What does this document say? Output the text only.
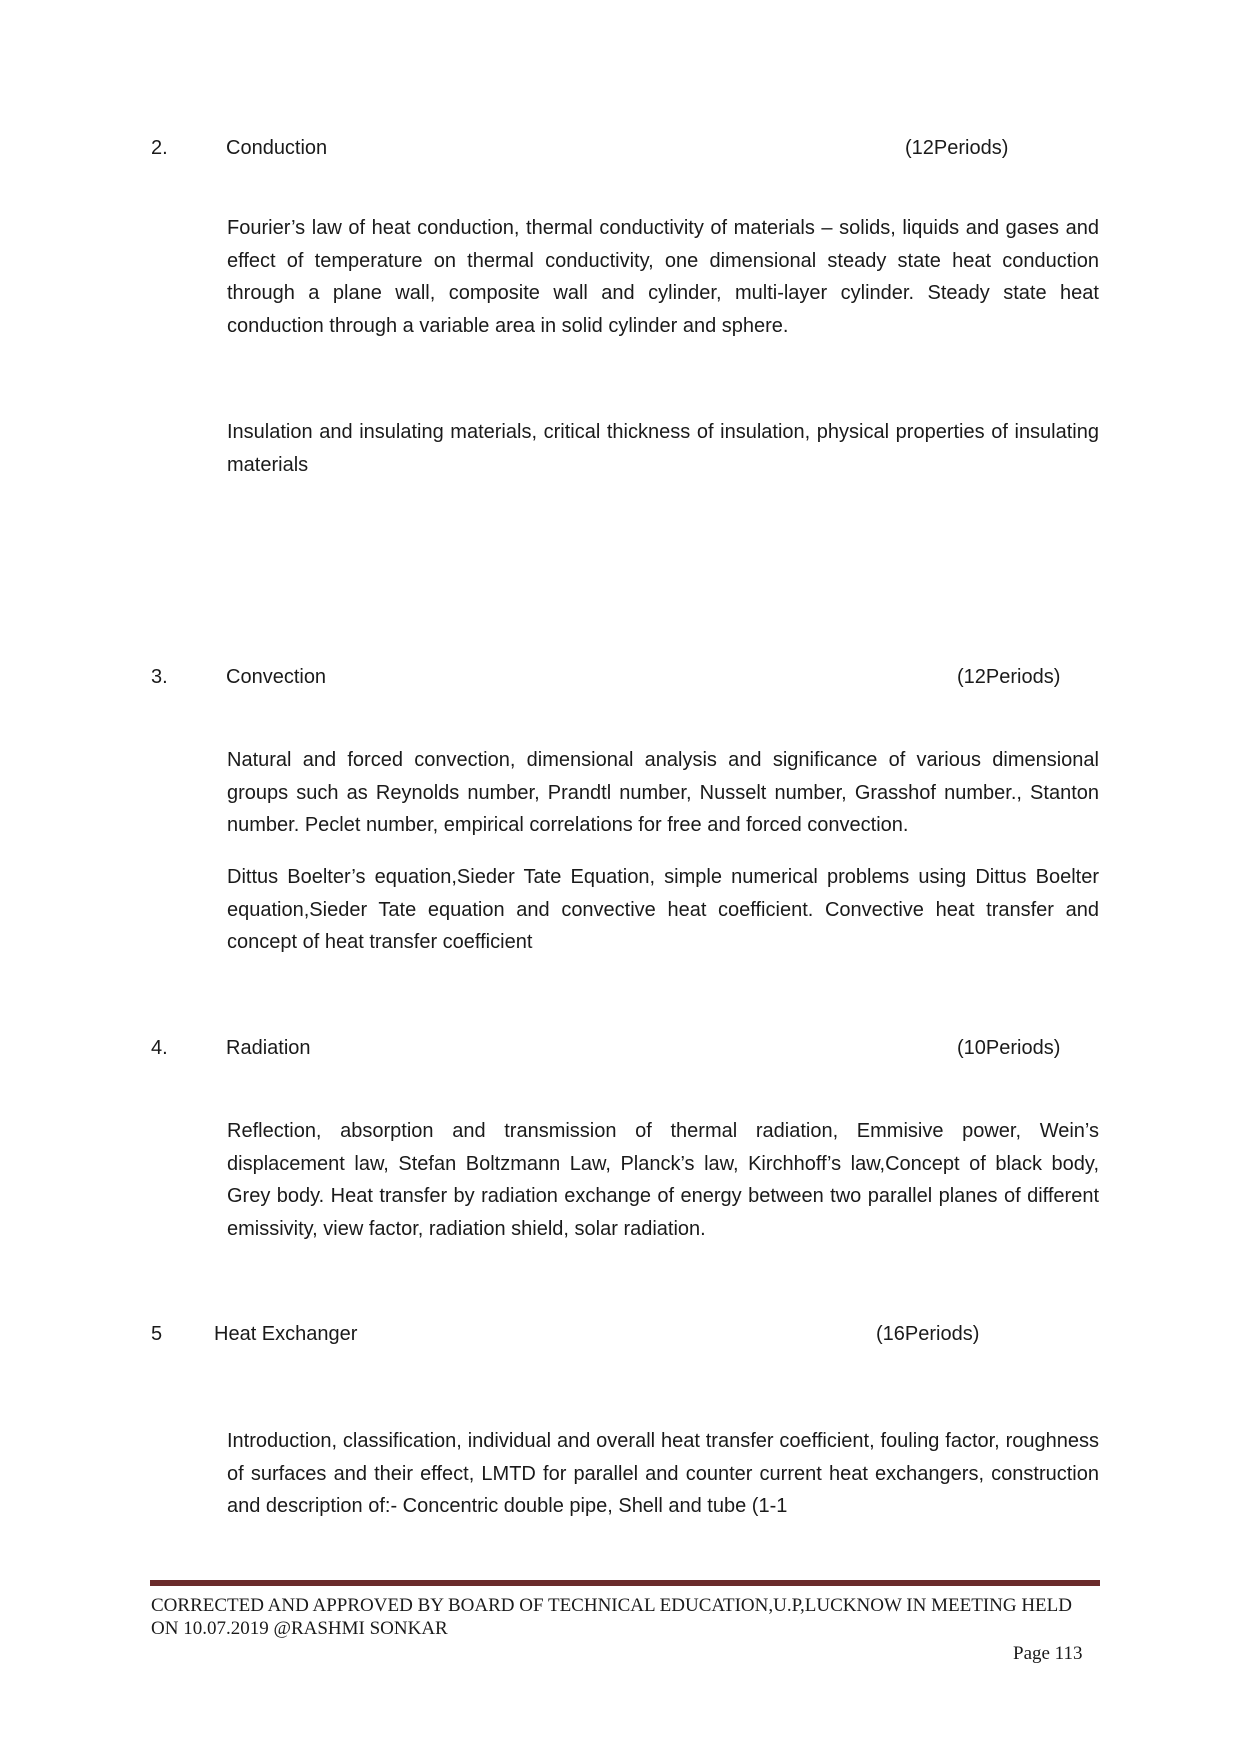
2.	Conduction	(12Periods)

Fourier’s law of heat conduction, thermal conductivity of materials – solids, liquids and gases and effect of temperature on thermal conductivity, one dimensional steady state heat conduction through a plane wall, composite wall and cylinder, multi-layer cylinder. Steady state heat conduction through a variable area in solid cylinder and sphere.

Insulation and insulating materials, critical thickness of insulation, physical properties of insulating materials

3.	Convection	(12Periods)

Natural and forced convection, dimensional analysis and significance of various dimensional groups such as Reynolds number, Prandtl number, Nusselt number, Grasshof number., Stanton number. Peclet number, empirical correlations for free and forced convection.

Dittus Boelter’s equation,Sieder Tate Equation, simple numerical problems using Dittus Boelter equation,Sieder Tate equation and convective heat coefficient. Convective heat transfer and concept of heat transfer coefficient

4.	Radiation	(10Periods)

Reflection, absorption and transmission of thermal radiation, Emmisive power, Wein’s displacement law, Stefan Boltzmann Law, Planck’s law, Kirchhoff’s law,Concept of black body, Grey body. Heat transfer by radiation exchange of energy between two parallel planes of different emissivity, view factor, radiation shield, solar radiation.

5	Heat Exchanger	(16Periods)

Introduction, classification, individual and overall heat transfer coefficient, fouling factor, roughness of surfaces and their effect, LMTD for parallel and counter current heat exchangers, construction and description of:- Concentric double pipe, Shell and tube (1-1

CORRECTED AND APPROVED BY BOARD OF TECHNICAL EDUCATION,U.P,LUCKNOW IN MEETING HELD
ON 10.07.2019 @RASHMI SONKAR
Page 113
